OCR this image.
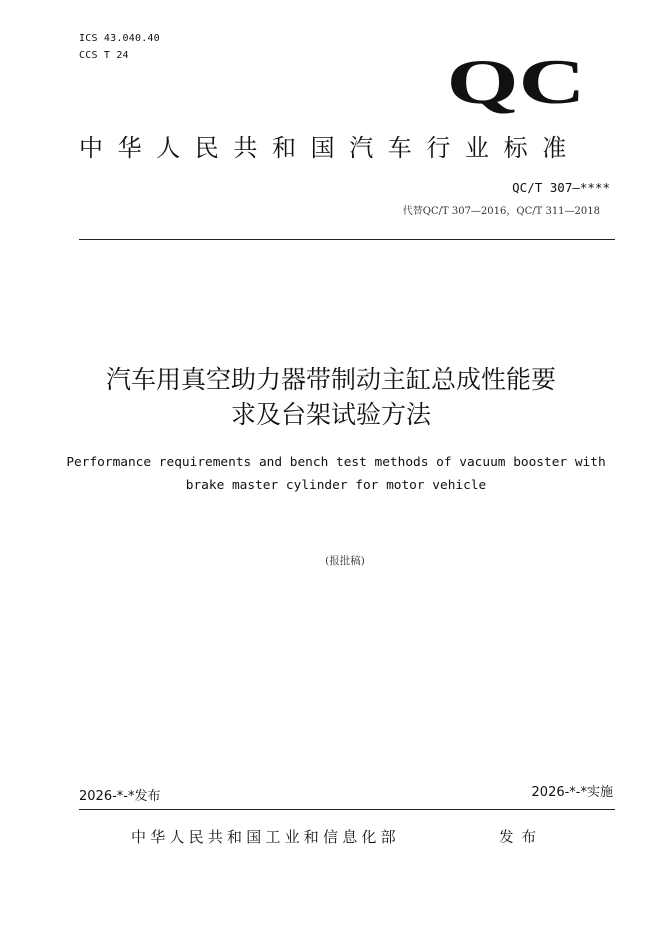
ICS 43.040.40
CCS T 24	QC
中华人民共和国汽车行业标准
QC/T 307—****
代替QC/T 307—2016，QC/T 311—2018
汽车用真空助力器带制动主缸总成性能要
求及台架试验方法
Performance requirements and bench test methods of vacuum booster with
brake master cylinder for motor vehicle
(报批稿)
2026-*-*发布	2026-*-*实施
中华人民共和国工业和信息化部	发布
